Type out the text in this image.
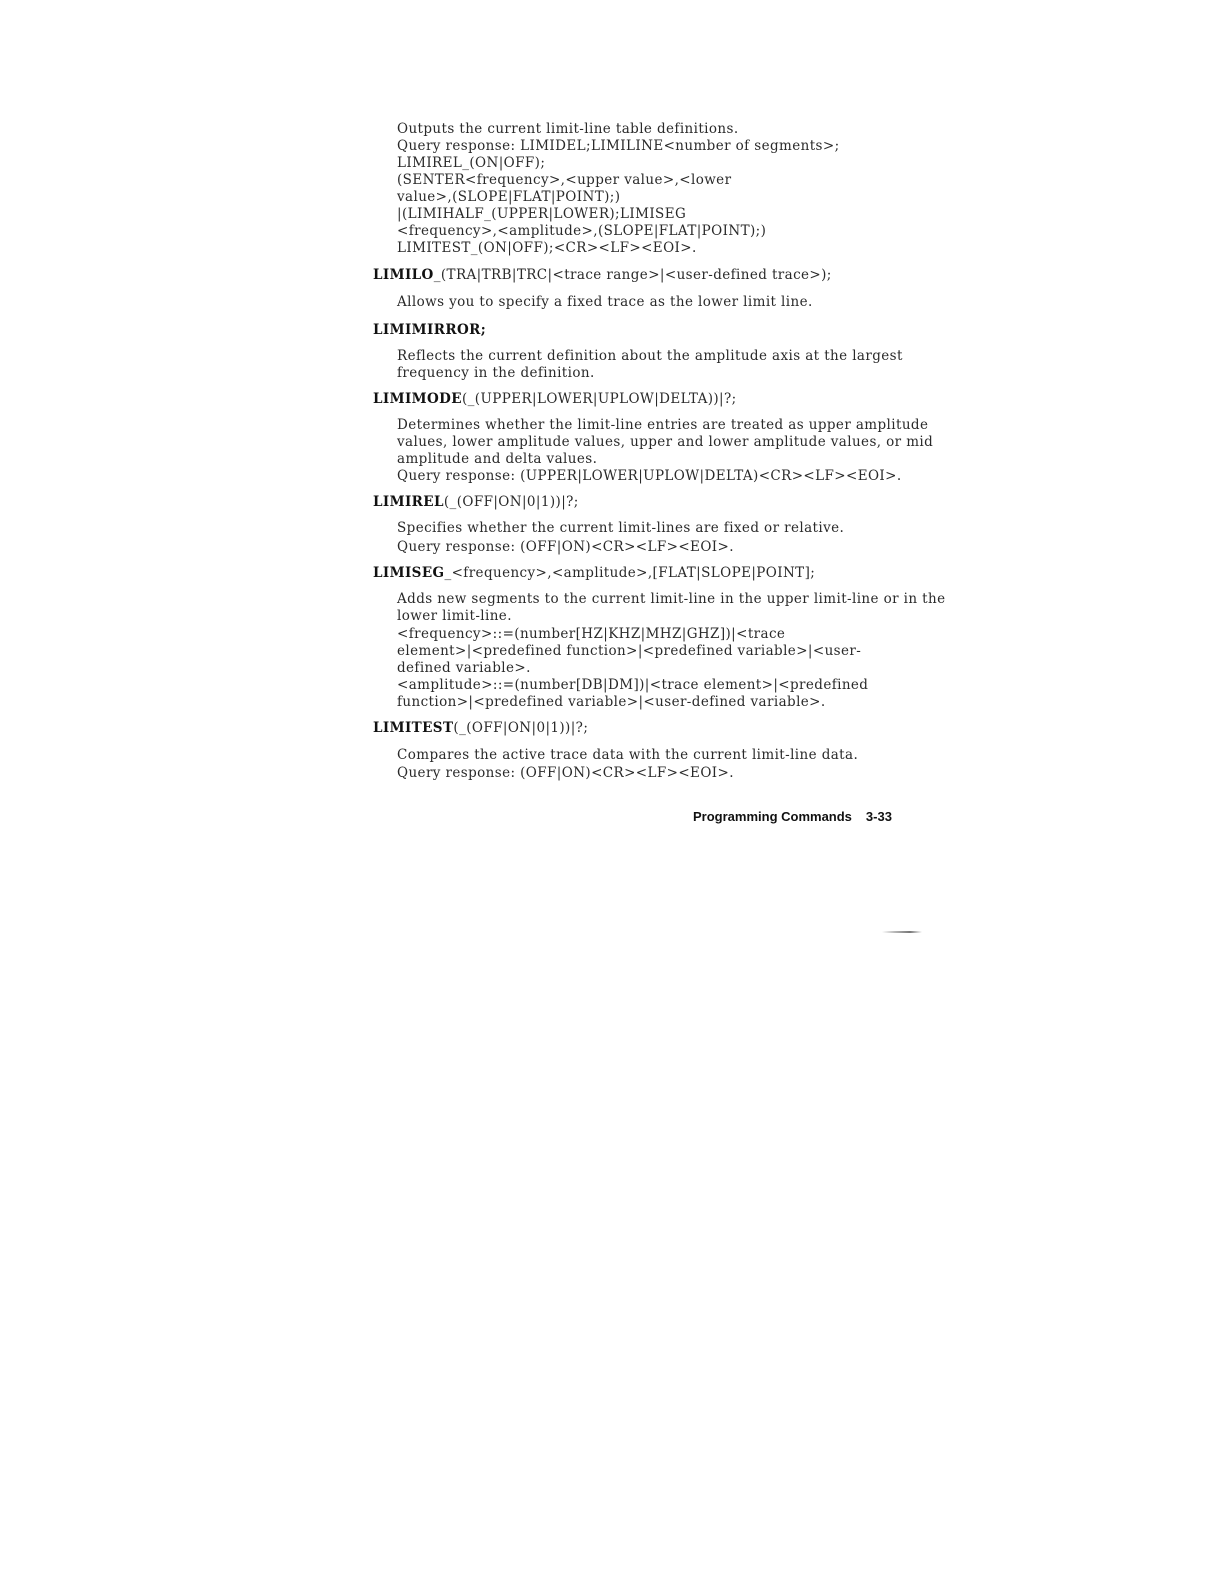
Outputs the current limit-line table definitions.
Query response: LIMIDEL;LIMILINE<number of segments>;
LIMIREL_(ON|OFF);
(SENTER<frequency>,<upper value>,<lower
value>,(SLOPE|FLAT|POINT);)
|(LIMIHALF_(UPPER|LOWER);LIMISEG
<frequency>,<amplitude>,(SLOPE|FLAT|POINT);)
LIMITEST_(ON|OFF);<CR><LF><EOI>.
LIMILO_(TRA|TRB|TRC|<trace range>|<user-defined trace>);
Allows you to specify a fixed trace as the lower limit line.
LIMIMIRROR;
Reflects the current definition about the amplitude axis at the largest
frequency in the definition.
LIMIMODE(_(UPPER|LOWER|UPLOW|DELTA))|?;
Determines whether the limit-line entries are treated as upper amplitude
values, lower amplitude values, upper and lower amplitude values, or mid
amplitude and delta values.
Query response: (UPPER|LOWER|UPLOW|DELTA)<CR><LF><EOI>.
LIMIREL(_(OFF|ON|0|1))|?;
Specifies whether the current limit-lines are fixed or relative.
Query response: (OFF|ON)<CR><LF><EOI>.
LIMISEG_<frequency>,<amplitude>,[FLAT|SLOPE|POINT];
Adds new segments to the current limit-line in the upper limit-line or in the
lower limit-line.
<frequency>::=(number[HZ|KHZ|MHZ|GHZ])|<trace
element>|<predefined function>|<predefined variable>|<user-
defined variable>.
<amplitude>::=(number[DB|DM])|<trace element>|<predefined
function>|<predefined variable>|<user-defined variable>.
LIMITEST(_(OFF|ON|0|1))|?;
Compares the active trace data with the current limit-line data.
Query response: (OFF|ON)<CR><LF><EOI>.
Programming Commands 3-33
